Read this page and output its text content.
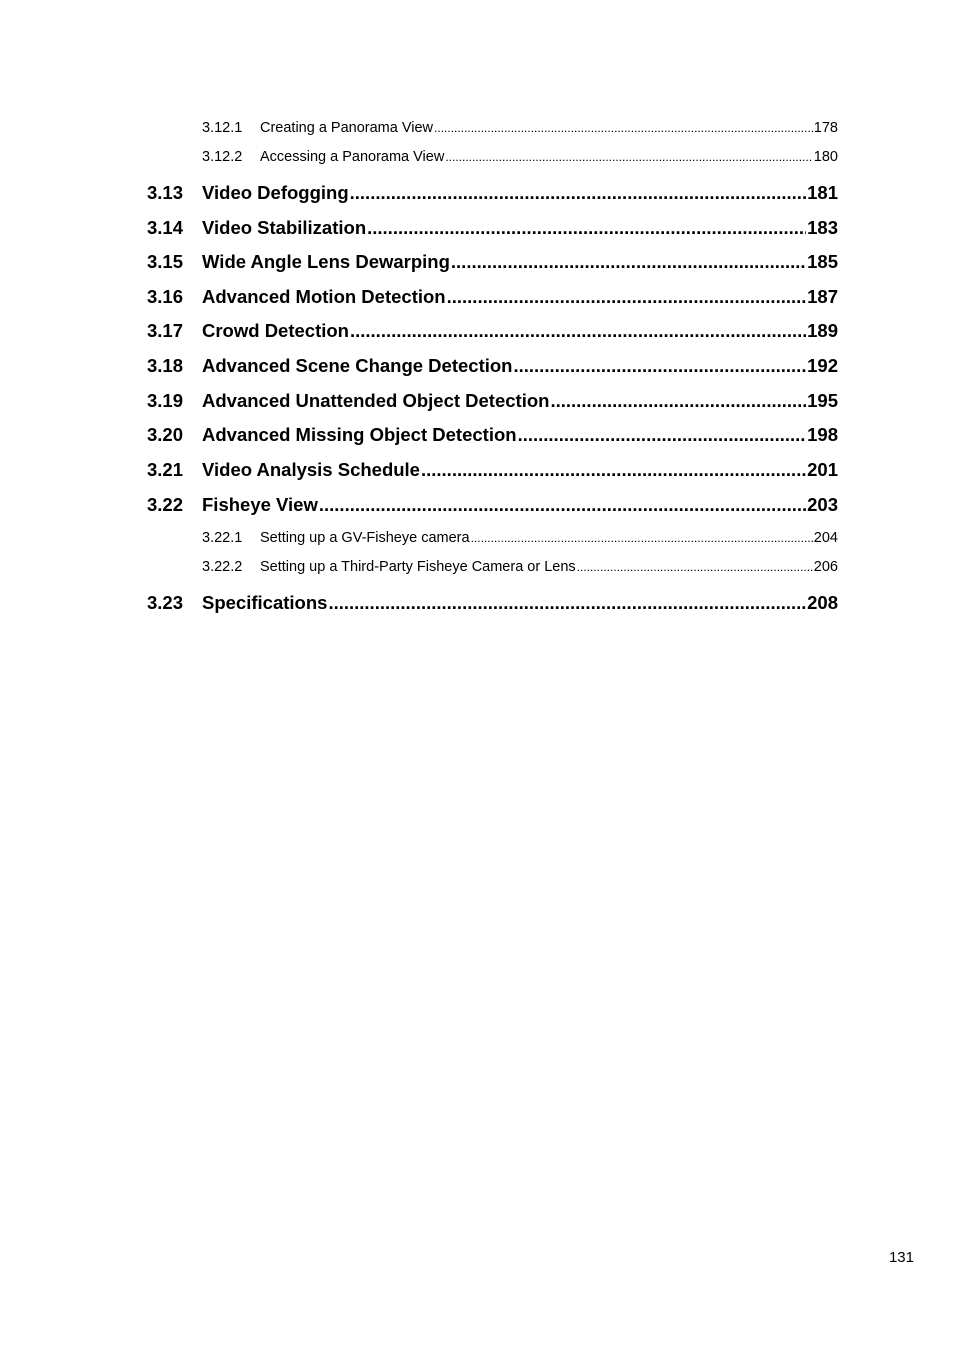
3.12.1	Creating a Panorama View .....	178
3.12.2	Accessing a Panorama View .....	180
3.13	Video Defogging .....	181
3.14	Video Stabilization .....	183
3.15	Wide Angle Lens Dewarping .....	185
3.16	Advanced Motion Detection .....	187
3.17	Crowd Detection .....	189
3.18	Advanced Scene Change Detection .....	192
3.19	Advanced Unattended Object Detection .....	195
3.20	Advanced Missing Object Detection .....	198
3.21	Video Analysis Schedule .....	201
3.22	Fisheye View .....	203
3.22.1	Setting up a GV-Fisheye camera .....	204
3.22.2	Setting up a Third-Party Fisheye Camera or Lens .....	206
3.23	Specifications .....	208
131
